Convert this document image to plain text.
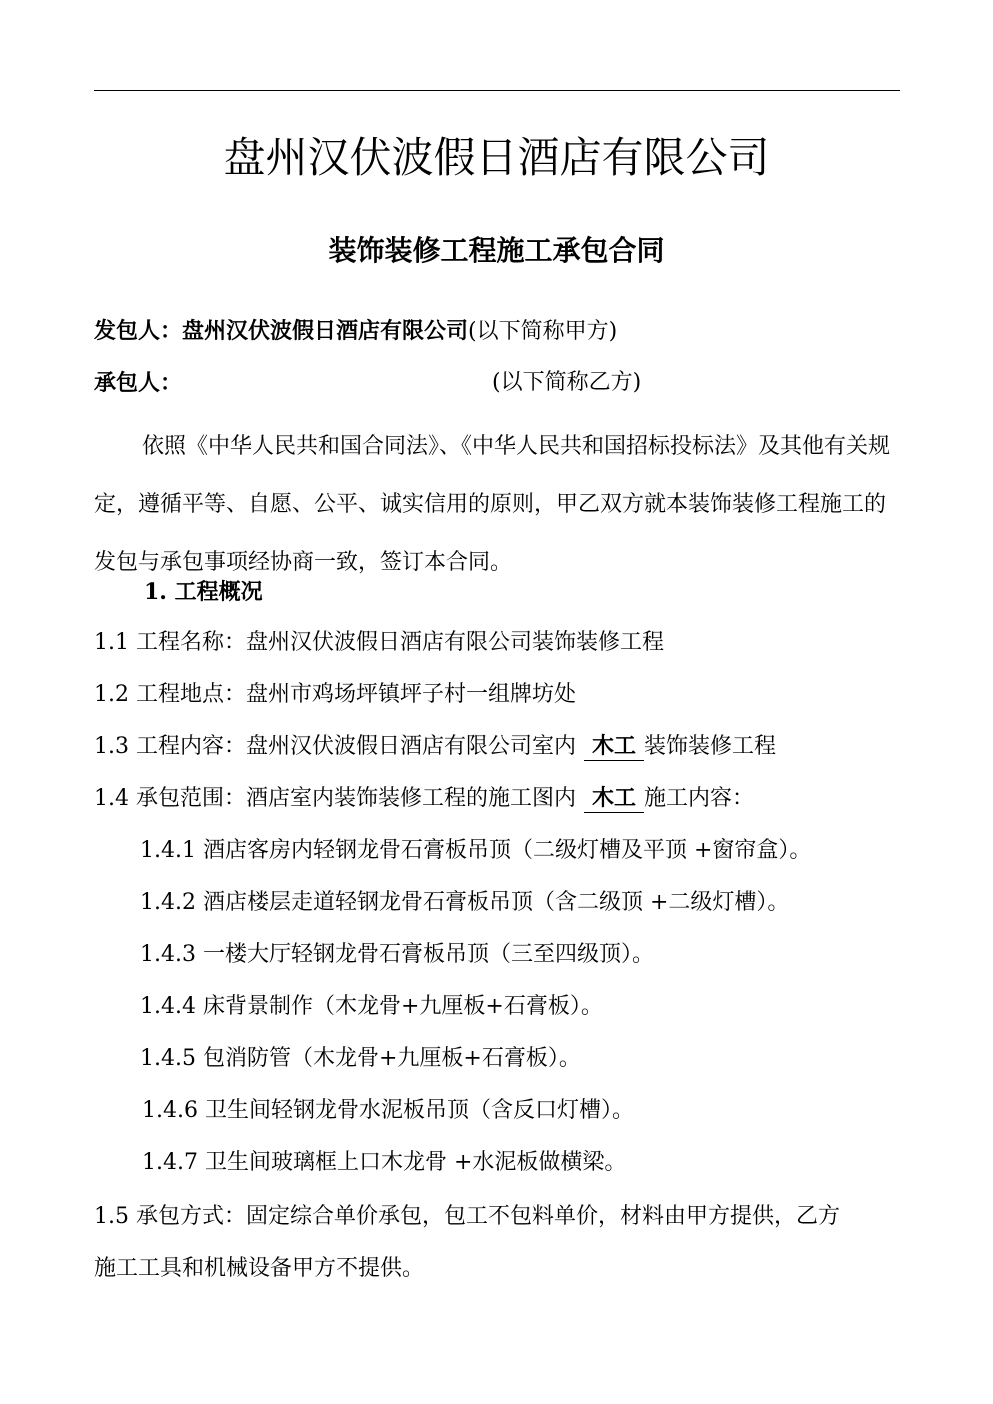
盘州汉伏波假日酒店有限公司
装饰装修工程施工承包合同
发包人：盘州汉伏波假日酒店有限公司(以下简称甲方)
承包人：	(以下简称乙方)
依照《中华人民共和国合同法》、《中华人民共和国招标投标法》及其他有关规定，遵循平等、自愿、公平、诚实信用的原则，甲乙双方就本装饰装修工程施工的发包与承包事项经协商一致，签订本合同。
1. 工程概况
1.1 工程名称：盘州汉伏波假日酒店有限公司装饰装修工程
1.2 工程地点：盘州市鸡场坪镇坪子村一组牌坊处
1.3 工程内容：盘州汉伏波假日酒店有限公司室内 木工 装饰装修工程
1.4 承包范围：酒店室内装饰装修工程的施工图内 木工 施工内容：
1.4.1 酒店客房内轻钢龙骨石膏板吊顶（二级灯槽及平顶 +窗帘盒）。
1.4.2 酒店楼层走道轻钢龙骨石膏板吊顶（含二级顶 +二级灯槽）。
1.4.3 一楼大厅轻钢龙骨石膏板吊顶（三至四级顶）。
1.4.4 床背景制作（木龙骨+九厘板+石膏板）。
1.4.5 包消防管（木龙骨+九厘板+石膏板）。
1.4.6 卫生间轻钢龙骨水泥板吊顶（含反口灯槽）。
1.4.7 卫生间玻璃框上口木龙骨 +水泥板做横梁。
1.5 承包方式：固定综合单价承包，包工不包料单价，材料由甲方提供，乙方
施工工具和机械设备甲方不提供。
